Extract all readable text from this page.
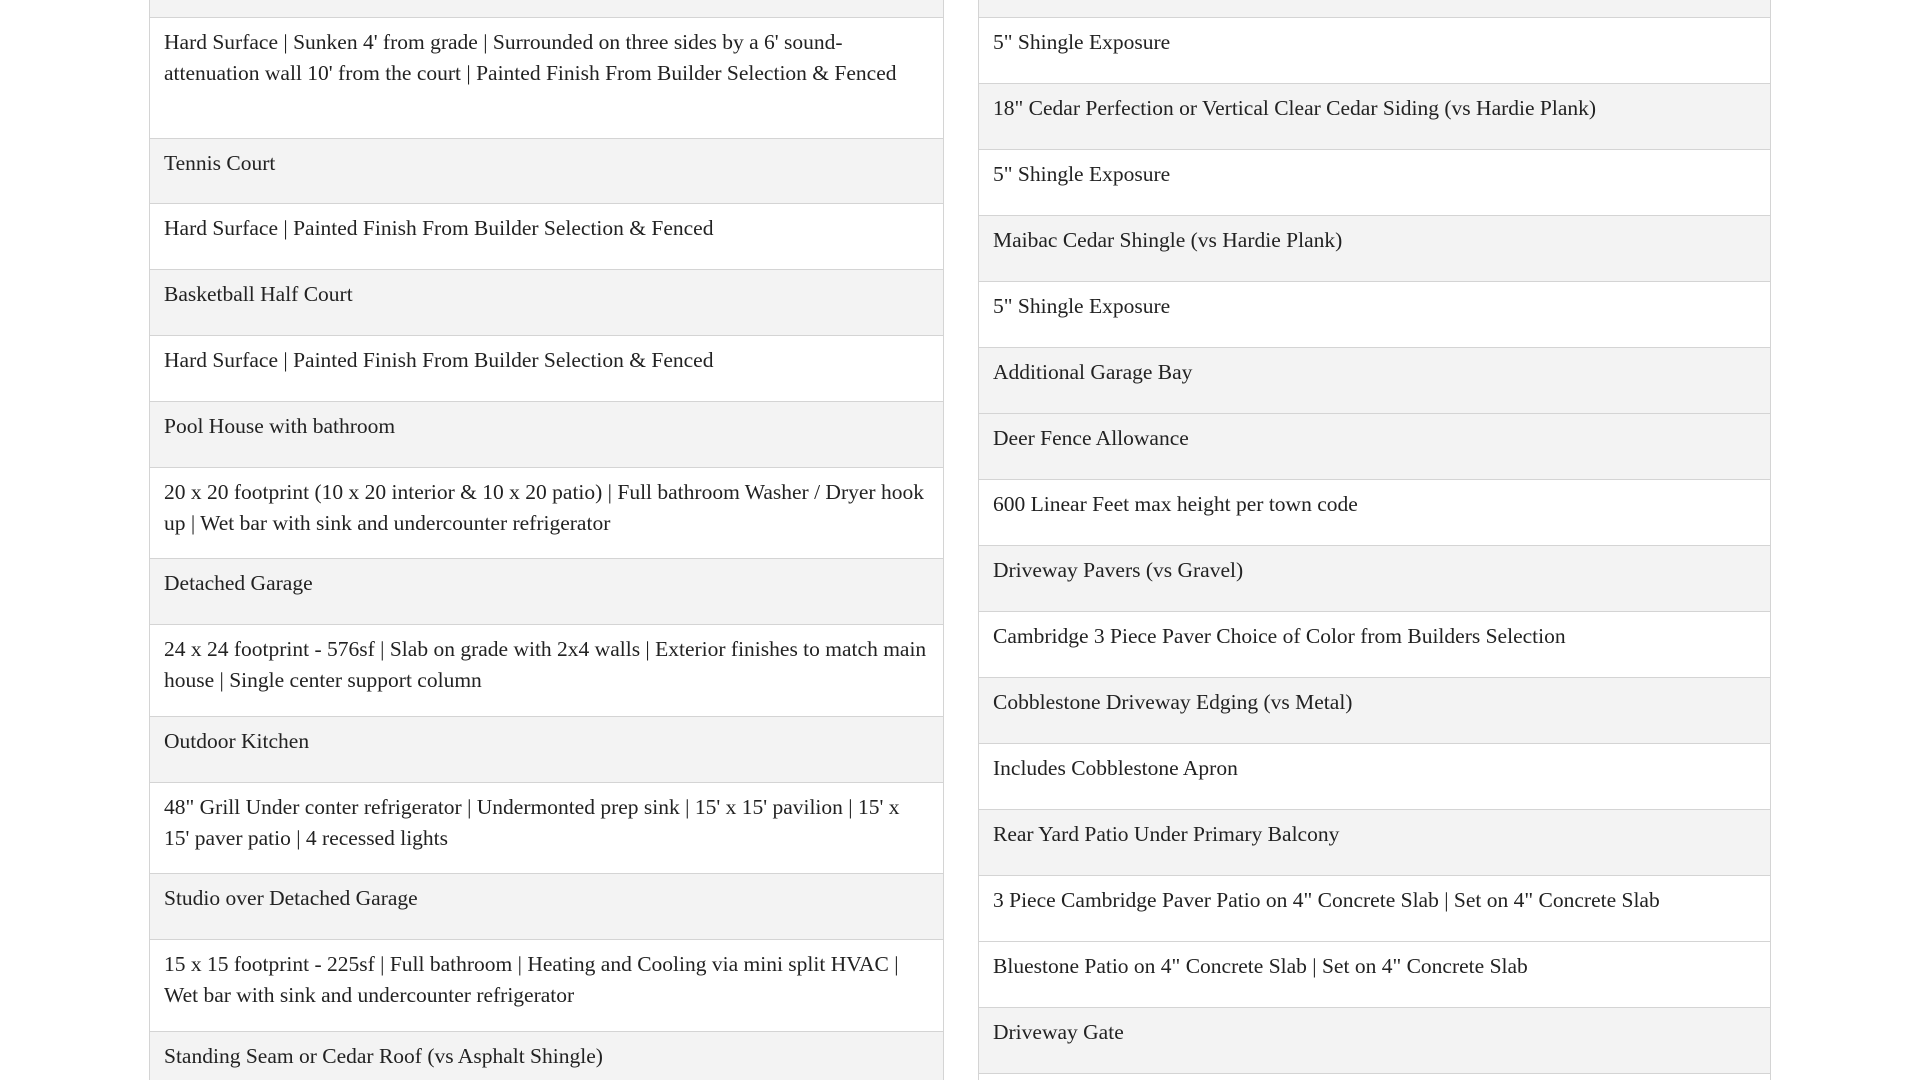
Hard Surface | Sunken 4' from grade | Surrounded on three sides by a 6' sound-attenuation wall 10' from the court | Painted Finish From Builder Selection & Fenced
Tennis Court
Hard Surface | Painted Finish From Builder Selection & Fenced
Basketball Half Court
Hard Surface | Painted Finish From Builder Selection & Fenced
Pool House with bathroom
20 x 20 footprint (10 x 20 interior & 10 x 20 patio) | Full bathroom Washer / Dryer hook up | Wet bar with sink and undercounter refrigerator
Detached Garage
24 x 24 footprint - 576sf | Slab on grade with 2x4 walls | Exterior finishes to match main house | Single center support column
Outdoor Kitchen
48" Grill Under conter refrigerator | Undermonted prep sink | 15' x 15' pavilion | 15' x 15' paver patio | 4 recessed lights
Studio over Detached Garage
15 x 15 footprint - 225sf | Full bathroom | Heating and Cooling via mini split HVAC | Wet bar with sink and undercounter refrigerator
Standing Seam or Cedar Roof (vs Asphalt Shingle)
5" Shingle Exposure
18" Cedar Perfection or Vertical Clear Cedar Siding (vs Hardie Plank)
5" Shingle Exposure
Maibac Cedar Shingle (vs Hardie Plank)
5" Shingle Exposure
Additional Garage Bay
Deer Fence Allowance
600 Linear Feet max height per town code
Driveway Pavers (vs Gravel)
Cambridge 3 Piece Paver Choice of Color from Builders Selection
Cobblestone Driveway Edging (vs Metal)
Includes Cobblestone Apron
Rear Yard Patio Under Primary Balcony
3 Piece Cambridge Paver Patio on 4" Concrete Slab | Set on 4" Concrete Slab
Bluestone Patio on 4" Concrete Slab | Set on 4" Concrete Slab
Driveway Gate
